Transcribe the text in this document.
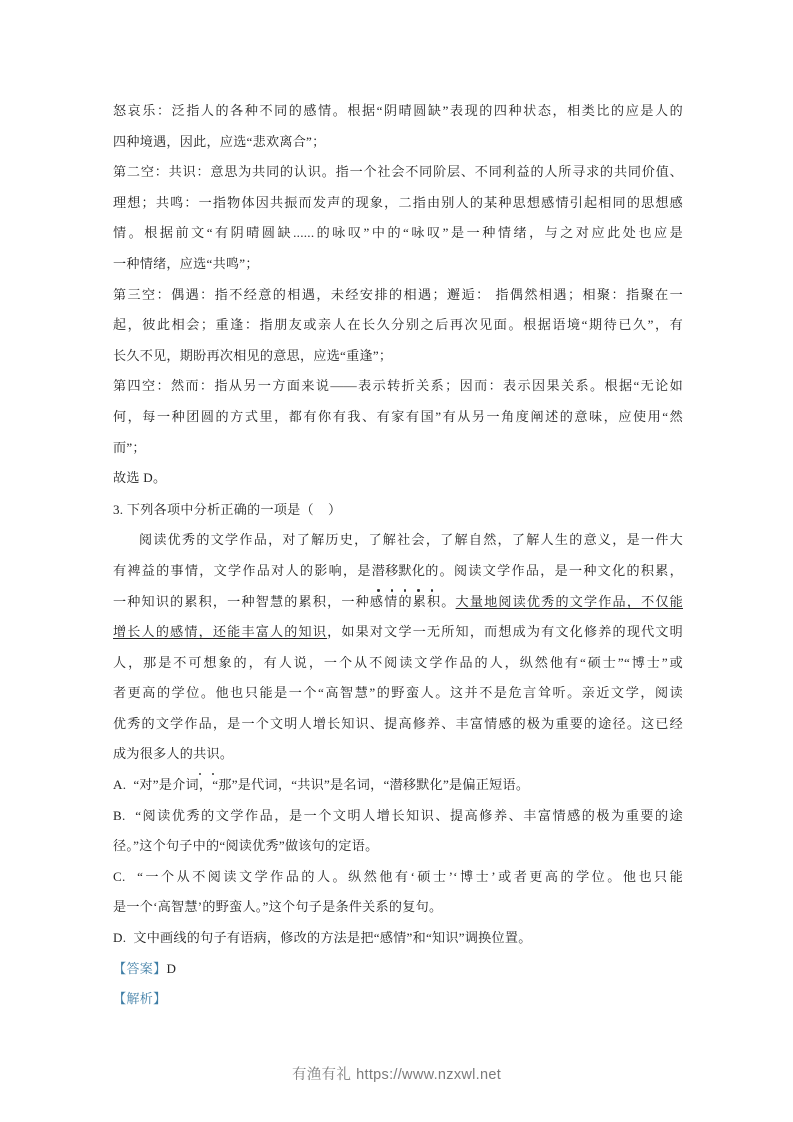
怒哀乐：泛指人的各种不同的感情。根据“阴晴圆缺”表现的四种状态，相类比的应是人的
四种境遇，因此，应选“悲欢离合”；
第二空：共识：意思为共同的认识。指一个社会不同阶层、不同利益的人所寻求的共同价值、
理想；共鸣：一指物体因共振而发声的现象，二指由别人的某种思想感情引起相同的思想感
情。根据前文“有阴晴圆缺......的咏叹”中的“咏叹”是一种情绪，与之对应此处也应是
一种情绪，应选“共鸣”；
第三空：偶遇：指不经意的相遇，未经安排的相遇；邂逅： 指偶然相遇；相聚：指聚在一
起，彼此相会；重逢：指朋友或亲人在长久分别之后再次见面。根据语境“期待已久”，有
长久不见，期盼再次相见的意思，应选“重逢”；
第四空：然而：指从另一方面来说——表示转折关系；因而：表示因果关系。根据“无论如
何，每一种团圆的方式里，都有你有我、有家有国”有从另一角度阐述的意味，应使用“然
而”；
故选 D。
3. 下列各项中分析正确的一项是（    ）
阅读优秀的文学作品，对了解历史，了解社会，了解自然，了解人生的意义，是一件大
有裨益的事情，文学作品对人的影响，是潜移默化的。阅读文学作品，是一种文化的积累，
一种知识的累积，一种智慧的累积，一种感情的累积。大量地阅读优秀的文学作品，不仅能
增长人的感情，还能丰富人的知识，如果对文学一无所知，而想成为有文化修养的现代文明
人，那是不可想象的，有人说，一个从不阅读文学作品的人，纵然他有“硕士”“博士”或
者更高的学位。他也只能是一个“高智慧”的野蛮人。这并不是危言耸听。亲近文学，阅读
优秀的文学作品，是一个文明人增长知识、提高修养、丰富情感的极为重要的途径。这已经
成为很多人的共识。
A. “对”是介词，“那”是代词，“共识”是名词，“潜移默化”是偏正短语。
B. “阅读优秀的文学作品，是一个文明人增长知识、提高修养、丰富情感的极为重要的途
径。”这个句子中的“阅读优秀”做该句的定语。
C. “一个从不阅读文学作品的人。纵然他有‘硕士’‘博士’或者更高的学位。他也只能
是一个‘高智慧’的野蛮人。”这个句子是条件关系的复句。
D. 文中画线的句子有语病，修改的方法是把“感情”和“知识”调换位置。
【答案】D
【解析】
有渔有礼 https://www.nzxwl.net
